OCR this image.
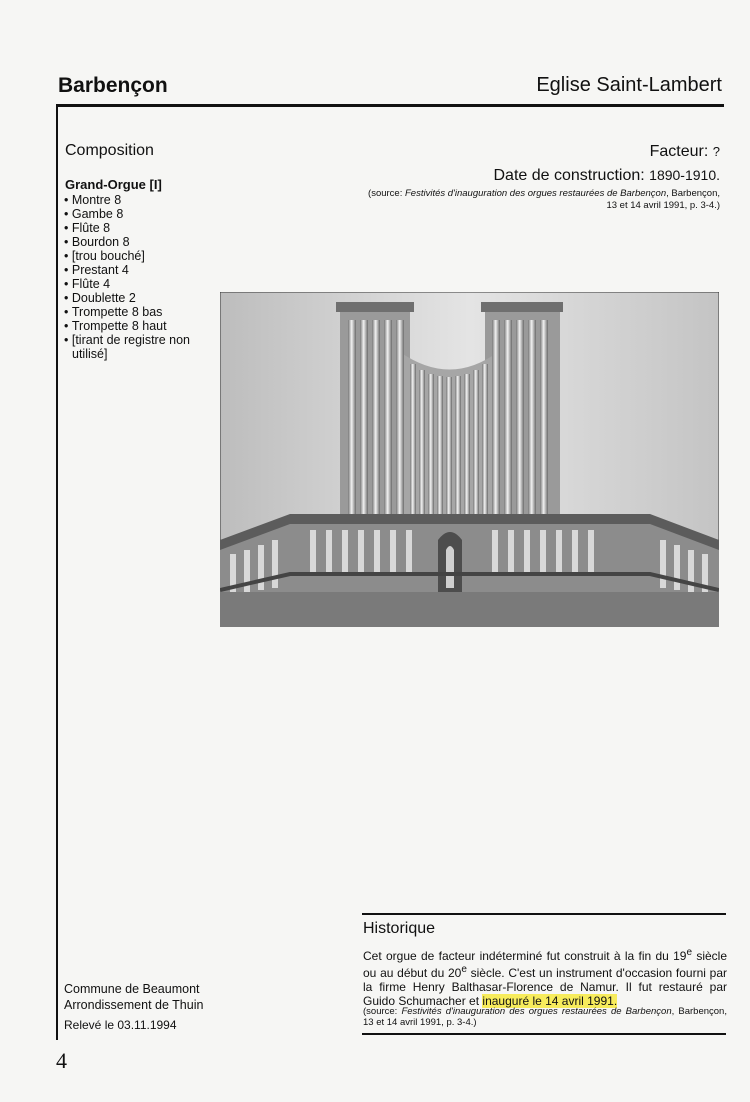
Barbençon	Eglise Saint-Lambert
Composition
Grand-Orgue [I]
• Montre 8
• Gambe 8
• Flûte 8
• Bourdon 8
• [trou bouché]
• Prestant 4
• Flûte 4
• Doublette 2
• Trompette 8 bas
• Trompette 8 haut
• [tirant de registre non utilisé]
Facteur: ?
Date de construction: 1890-1910.
(source: Festivités d'inauguration des orgues restaurées de Barbençon, Barbençon, 13 et 14 avril 1991, p. 3-4.)
Historique
Cet orgue de facteur indéterminé fut construit à la fin du 19e siècle ou au début du 20e siècle. C'est un instrument d'occasion fourni par la firme Henry Balthasar-Florence de Namur. Il fut restauré par Guido Schumacher et inauguré le 14 avril 1991.
(source: Festivités d'inauguration des orgues restaurées de Barbençon, Barbençon, 13 et 14 avril 1991, p. 3-4.)
Commune de Beaumont
Arrondissement de Thuin
Relevé le 03.11.1994
4
